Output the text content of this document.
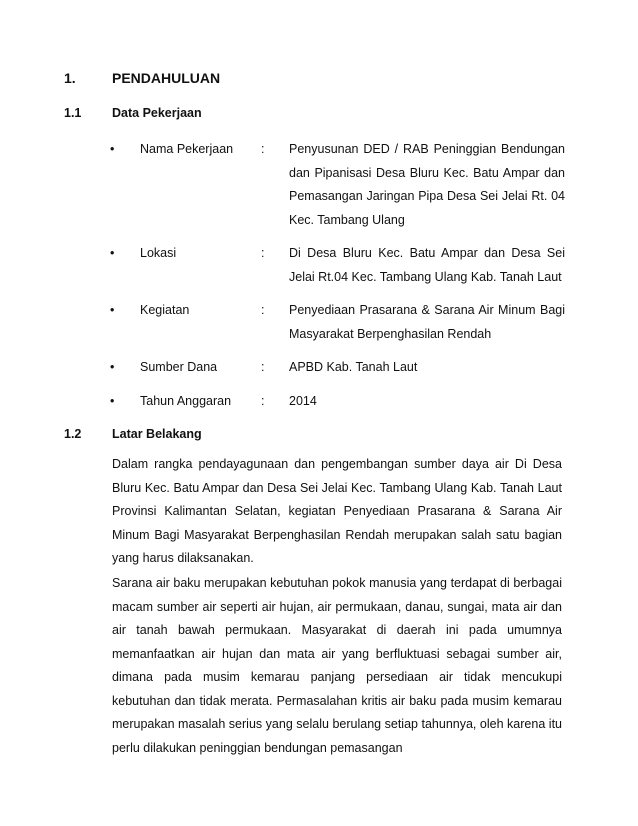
1.	PENDAHULUAN
1.1 Data Pekerjaan
•	Nama Pekerjaan : Penyusunan DED / RAB Peninggian Bendungan dan Pipanisasi Desa Bluru Kec. Batu Ampar dan Pemasangan Jaringan Pipa Desa Sei Jelai Rt. 04 Kec. Tambang Ulang
•	Lokasi	: Di Desa Bluru Kec. Batu Ampar dan Desa Sei Jelai Rt.04 Kec. Tambang Ulang Kab. Tanah Laut
•	Kegiatan	: Penyediaan Prasarana & Sarana Air Minum Bagi Masyarakat Berpenghasilan Rendah
•	Sumber Dana	: APBD Kab. Tanah Laut
•	Tahun Anggaran : 2014
1.2 Latar Belakang
Dalam rangka pendayagunaan dan pengembangan sumber daya air Di Desa Bluru Kec. Batu Ampar dan Desa Sei Jelai Kec. Tambang Ulang Kab. Tanah Laut Provinsi Kalimantan Selatan, kegiatan Penyediaan Prasarana & Sarana Air Minum Bagi Masyarakat Berpenghasilan Rendah merupakan salah satu bagian yang harus dilaksanakan.
Sarana air baku merupakan kebutuhan pokok manusia yang terdapat di berbagai macam sumber air seperti air hujan, air permukaan, danau, sungai, mata air dan air tanah bawah permukaan. Masyarakat di daerah ini pada umumnya memanfaatkan air hujan dan mata air yang berfluktuasi sebagai sumber air, dimana pada musim kemarau panjang persediaan air tidak mencukupi kebutuhan dan tidak merata. Permasalahan kritis air baku pada musim kemarau merupakan masalah serius yang selalu berulang setiap tahunnya, oleh karena itu perlu dilakukan peninggian bendungan pemasangan
